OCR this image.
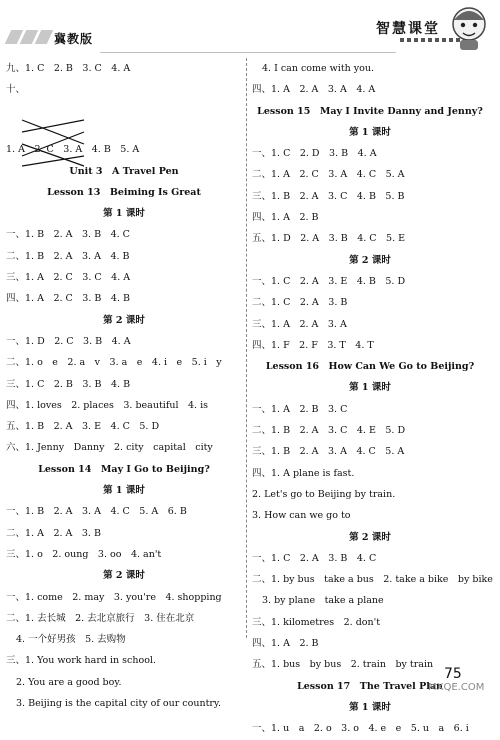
冀教版
智慧课堂
九、1. C　2. B　3. C　4. A
十、
1. A　2. C　3. A　4. B　5. A
Unit 3　A Travel Pen
Lesson 13　Beiming Is Great
第 1 课时
一、1. B　2. A　3. B　4. C
二、1. B　2. A　3. A　4. B
三、1. A　2. C　3. C　4. A
四、1. A　2. C　3. B　4. B
第 2 课时
一、1. D　2. C　3. B　4. A
二、1. o　e　2. a　v　3. a　e　4. i　e　5. i　y
三、1. C　2. B　3. B　4. B
四、1. loves　2. places　3. beautiful　4. is
五、1. B　2. A　3. E　4. C　5. D
六、1. Jenny　Danny　2. city　capital　city
Lesson 14　May I Go to Beijing?
第 1 课时
一、1. B　2. A　3. A　4. C　5. A　6. B
二、1. A　2. A　3. B
三、1. o　2. oung　3. oo　4. an't
第 2 课时
一、1. come　2. may　3. you're　4. shopping
二、1. 去长城　2. 去北京旅行　3. 住在北京
4. 一个好男孩　5. 去购物
三、1. You work hard in school.
2. You are a good boy.
3. Beijing is the capital city of our country.
4. I can come with you.
四、1. A　2. A　3. A　4. A
Lesson 15　May I Invite Danny and Jenny?
第 1 课时
一、1. C　2. D　3. B　4. A
二、1. A　2. C　3. A　4. C　5. A
三、1. B　2. A　3. C　4. B　5. B
四、1. A　2. B
五、1. D　2. A　3. B　4. C　5. E
第 2 课时
一、1. C　2. A　3. E　4. B　5. D
二、1. C　2. A　3. B
三、1. A　2. A　3. A
四、1. F　2. F　3. T　4. T
Lesson 16　How Can We Go to Beijing?
第 1 课时
一、1. A　2. B　3. C
二、1. B　2. A　3. C　4. E　5. D
三、1. B　2. A　3. A　4. C　5. A
四、1. A plane is fast.
2. Let's go to Beijing by train.
3. How can we go to
第 2 课时
一、1. C　2. A　3. B　4. C
二、1. by bus　take a bus　2. take a bike　by bike
3. by plane　take a plane
三、1. kilometres　2. don't
四、1. A　2. B
五、1. bus　by bus　2. train　by train
Lesson 17　The Travel Plan
第 1 课时
一、1. u　a　2. o　3. o　4. e　e　5. u　a　6. i
75
MXQE.COM
